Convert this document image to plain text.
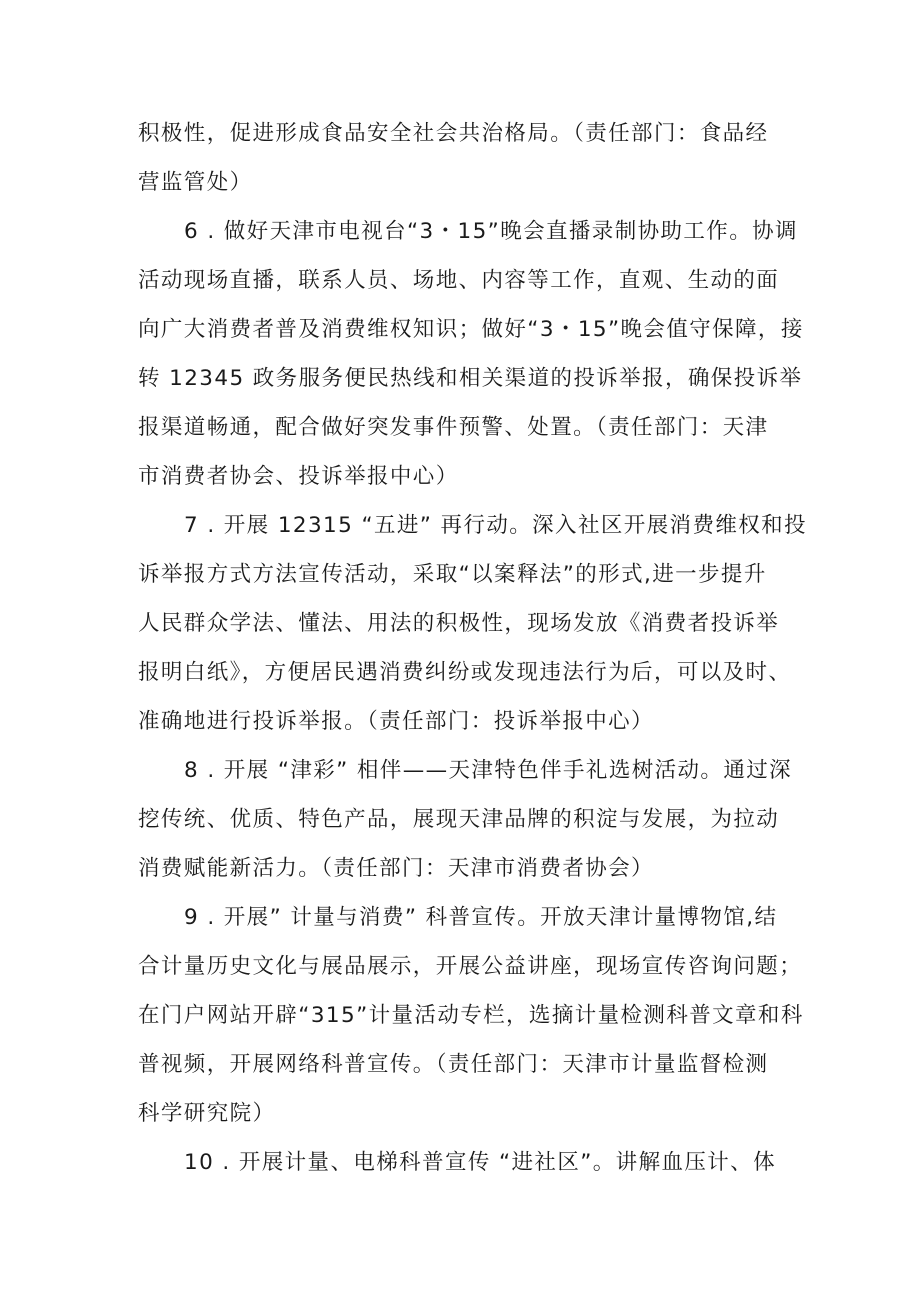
积极性，促进形成食品安全社会共治格局。（责任部门：食品经
营监管处）
6 . 做好天津市电视台“3・15”晚会直播录制协助工作。协调
活动现场直播，联系人员、场地、内容等工作，直观、生动的面
向广大消费者普及消费维权知识；做好“3・15”晚会值守保障，接
转 12345 政务服务便民热线和相关渠道的投诉举报，确保投诉举
报渠道畅通，配合做好突发事件预警、处置。（责任部门：天津
市消费者协会、投诉举报中心）
7 . 开展 12315 “五进” 再行动。深入社区开展消费维权和投
诉举报方式方法宣传活动，采取“以案释法”的形式,进一步提升
人民群众学法、懂法、用法的积极性，现场发放《消费者投诉举
报明白纸》，方便居民遇消费纠纷或发现违法行为后，可以及时、
准确地进行投诉举报。（责任部门：投诉举报中心）
8 . 开展 “津彩” 相伴——天津特色伴手礼选树活动。通过深
挖传统、优质、特色产品，展现天津品牌的积淀与发展，为拉动
消费赋能新活力。（责任部门：天津市消费者协会）
9 . 开展” 计量与消费” 科普宣传。开放天津计量博物馆,结
合计量历史文化与展品展示，开展公益讲座，现场宣传咨询问题；
在门户网站开辟“315”计量活动专栏，选摘计量检测科普文章和科
普视频，开展网络科普宣传。（责任部门：天津市计量监督检测
科学研究院）
10 . 开展计量、电梯科普宣传 “进社区”。讲解血压计、体
